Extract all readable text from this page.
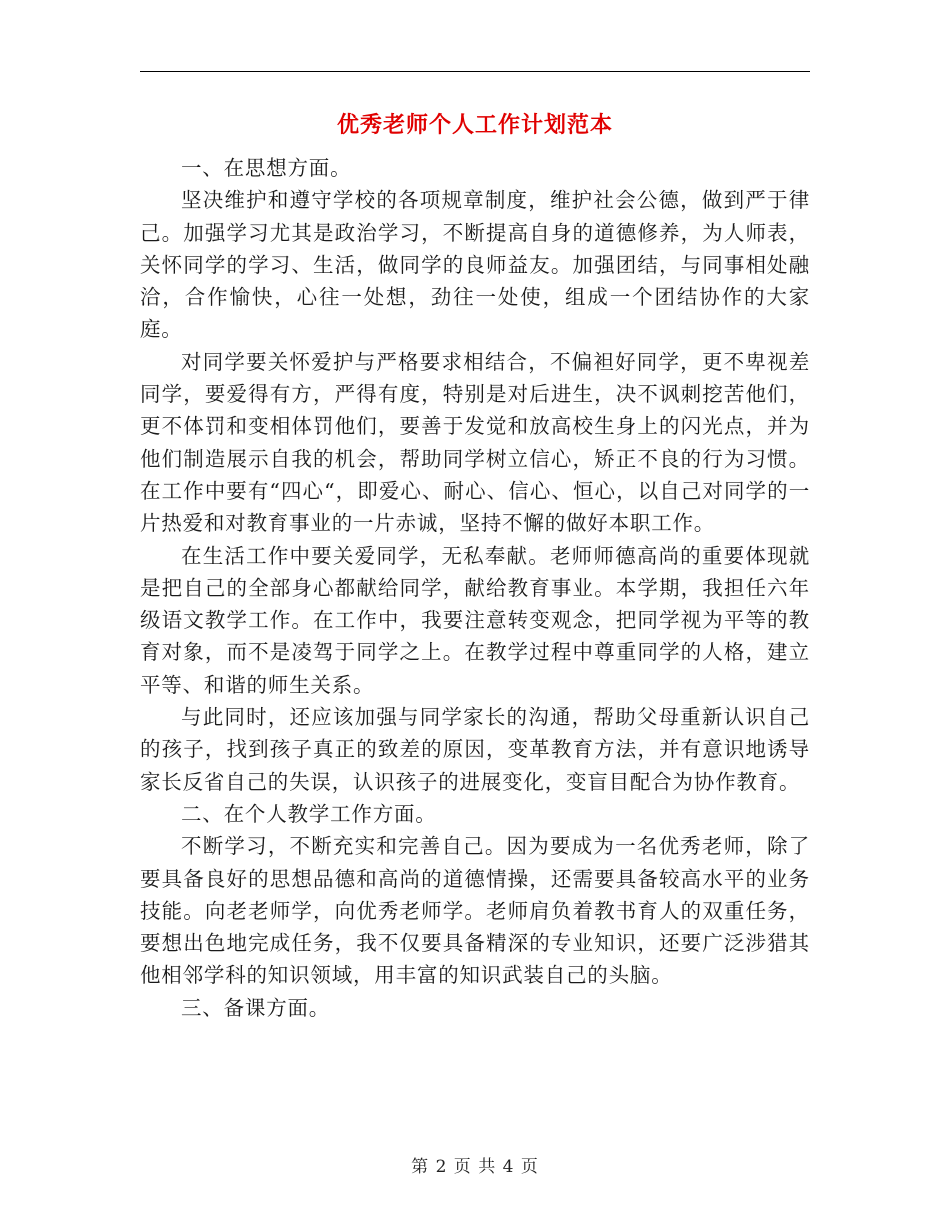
优秀老师个人工作计划范本

一、在思想方面。

坚决维护和遵守学校的各项规章制度，维护社会公德，做到严于律己。加强学习尤其是政治学习，不断提高自身的道德修养，为人师表，关怀同学的学习、生活，做同学的良师益友。加强团结，与同事相处融洽，合作愉快，心往一处想，劲往一处使，组成一个团结协作的大家庭。

对同学要关怀爱护与严格要求相结合，不偏袒好同学，更不卑视差同学，要爱得有方，严得有度，特别是对后进生，决不讽刺挖苦他们，更不体罚和变相体罚他们，要善于发觉和放高校生身上的闪光点，并为他们制造展示自我的机会，帮助同学树立信心，矫正不良的行为习惯。在工作中要有“四心“，即爱心、耐心、信心、恒心，以自己对同学的一片热爱和对教育事业的一片赤诚，坚持不懈的做好本职工作。

在生活工作中要关爱同学，无私奉献。老师师德高尚的重要体现就是把自己的全部身心都献给同学，献给教育事业。本学期，我担任六年级语文教学工作。在工作中，我要注意转变观念，把同学视为平等的教育对象，而不是凌驾于同学之上。在教学过程中尊重同学的人格，建立平等、和谐的师生关系。

与此同时，还应该加强与同学家长的沟通，帮助父母重新认识自己的孩子，找到孩子真正的致差的原因，变革教育方法，并有意识地诱导家长反省自己的失误，认识孩子的进展变化，变盲目配合为协作教育。

二、在个人教学工作方面。

不断学习，不断充实和完善自己。因为要成为一名优秀老师，除了要具备良好的思想品德和高尚的道德情操，还需要具备较高水平的业务技能。向老老师学，向优秀老师学。老师肩负着教书育人的双重任务，要想出色地完成任务，我不仅要具备精深的专业知识，还要广泛涉猎其他相邻学科的知识领域，用丰富的知识武装自己的头脑。

三、备课方面。

第 2 页 共 4 页
